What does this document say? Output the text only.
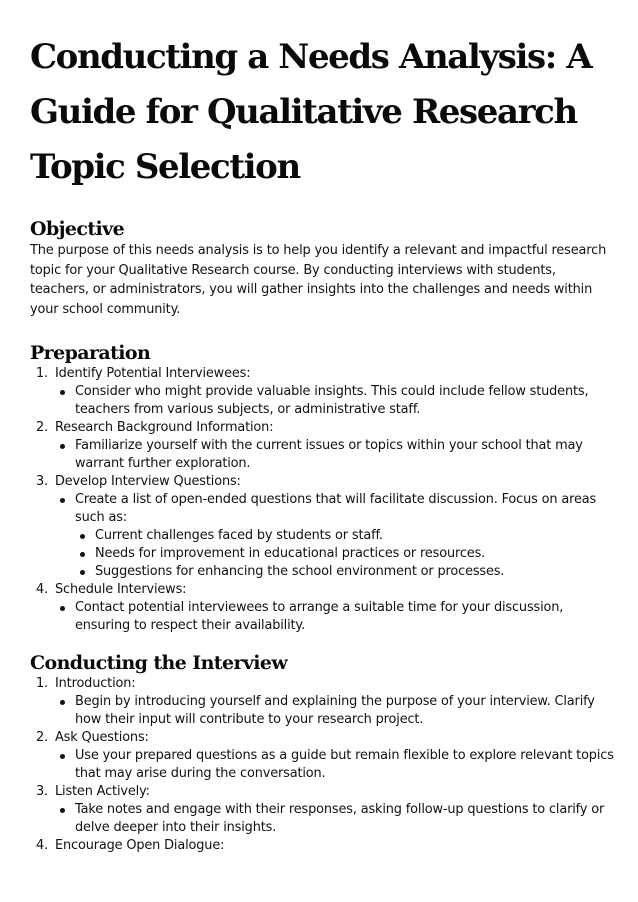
Conducting a Needs Analysis: A Guide for Qualitative Research Topic Selection
Objective

The purpose of this needs analysis is to help you identify a relevant and impactful research topic for your Qualitative Research course. By conducting interviews with students, teachers, or administrators, you will gather insights into the challenges and needs within your school community.

Preparation
1. Identify Potential Interviewees:
Consider who might provide valuable insights. This could include fellow students, teachers from various subjects, or administrative staff.
2. Research Background Information:
Familiarize yourself with the current issues or topics within your school that may warrant further exploration.
3. Develop Interview Questions:
Create a list of open-ended questions that will facilitate discussion. Focus on areas such as:
Current challenges faced by students or staff.
Needs for improvement in educational practices or resources.
Suggestions for enhancing the school environment or processes.
4. Schedule Interviews:
Contact potential interviewees to arrange a suitable time for your discussion, ensuring to respect their availability.
Conducting the Interview
1. Introduction:
Begin by introducing yourself and explaining the purpose of your interview. Clarify how their input will contribute to your research project.
2. Ask Questions:
Use your prepared questions as a guide but remain flexible to explore relevant topics that may arise during the conversation.
3. Listen Actively:
Take notes and engage with their responses, asking follow-up questions to clarify or delve deeper into their insights.
4. Encourage Open Dialogue:
